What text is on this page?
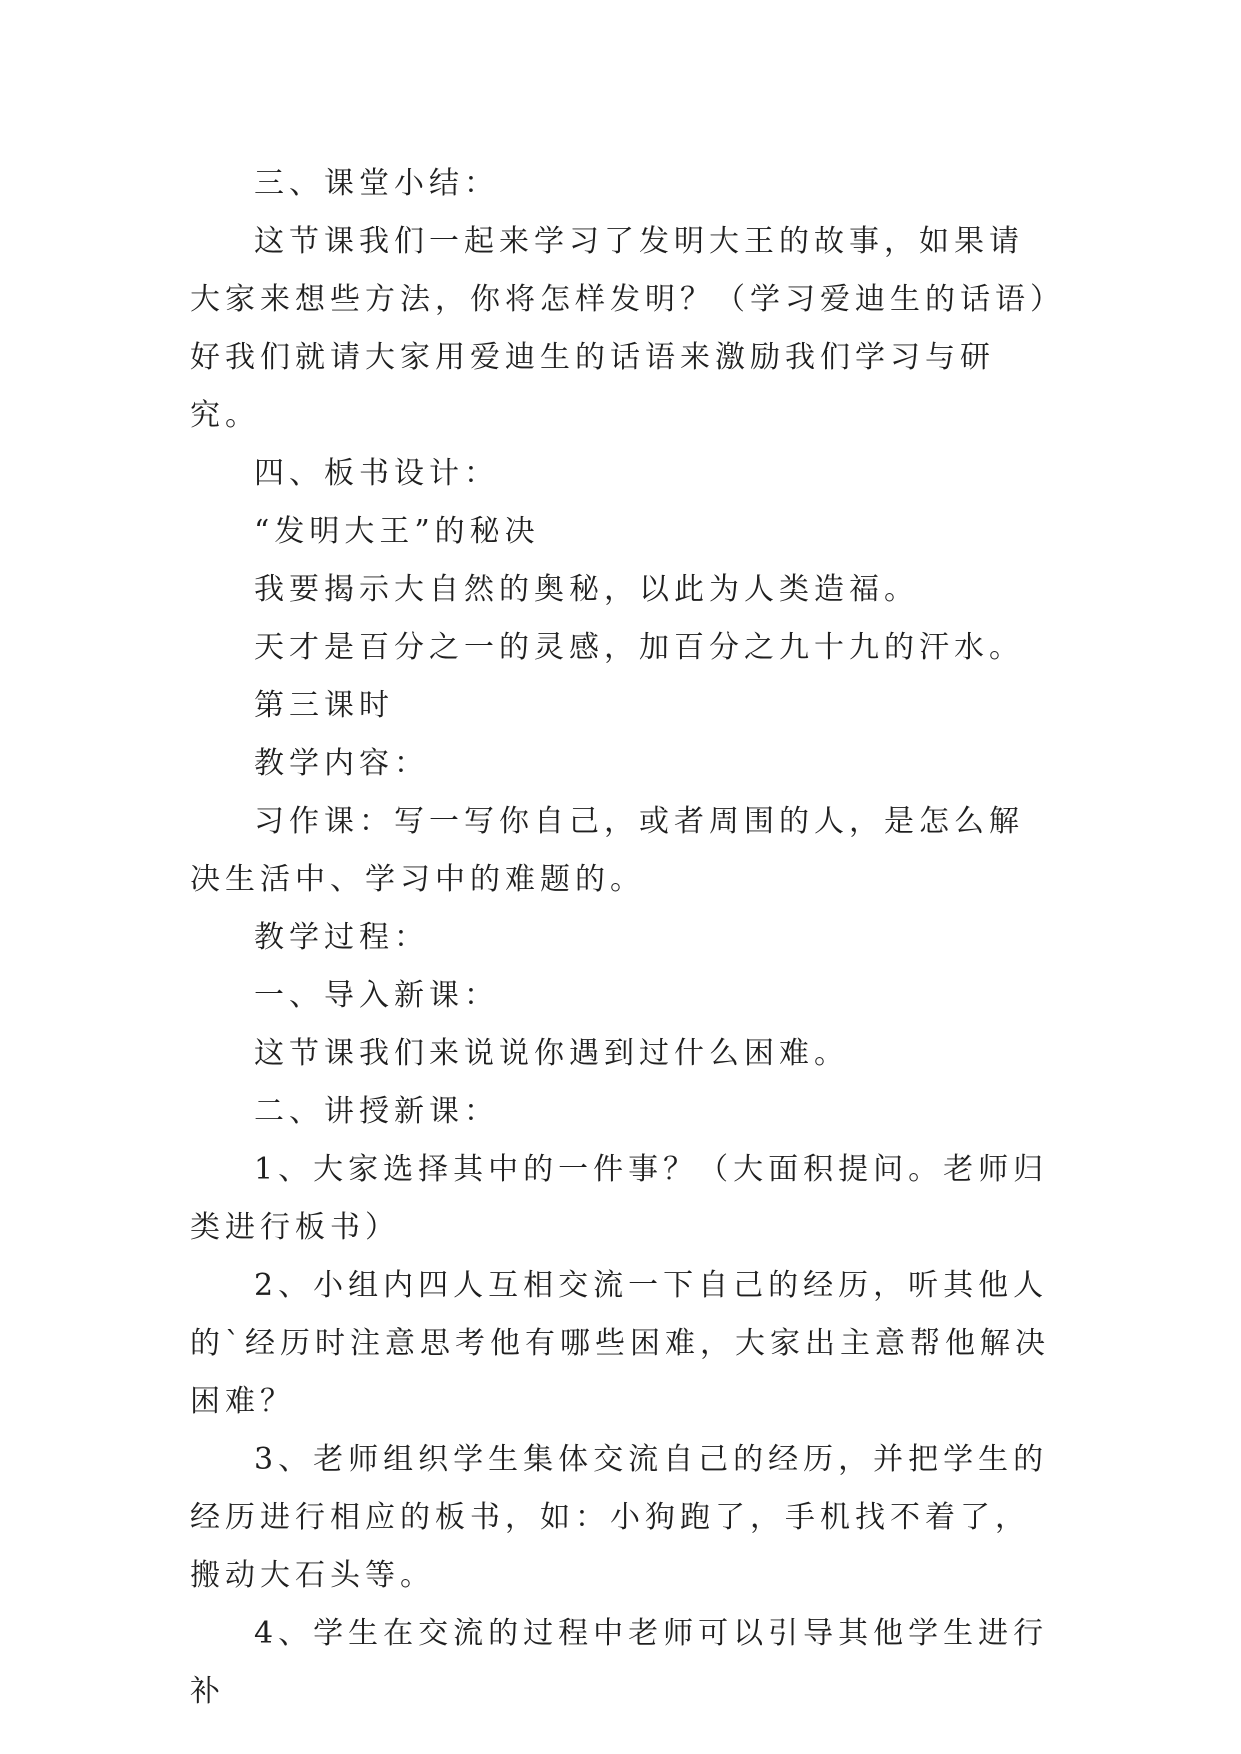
三、课堂小结：

这节课我们一起来学习了发明大王的故事，如果请大家来想些方法，你将怎样发明？（学习爱迪生的话语）好我们就请大家用爱迪生的话语来激励我们学习与研究。

四、板书设计：

“发明大王”的秘决

我要揭示大自然的奥秘，以此为人类造福。

天才是百分之一的灵感，加百分之九十九的汗水。

第三课时

教学内容：

习作课：写一写你自己，或者周围的人，是怎么解决生活中、学习中的难题的。

教学过程：

一、导入新课：

这节课我们来说说你遇到过什么困难。

二、讲授新课：

1、大家选择其中的一件事？（大面积提问。老师归类进行板书）

2、小组内四人互相交流一下自己的经历，听其他人的`经历时注意思考他有哪些困难，大家出主意帮他解决困难？

3、老师组织学生集体交流自己的经历，并把学生的经历进行相应的板书，如：小狗跑了，手机找不着了，搬动大石头等。

4、学生在交流的过程中老师可以引导其他学生进行补
